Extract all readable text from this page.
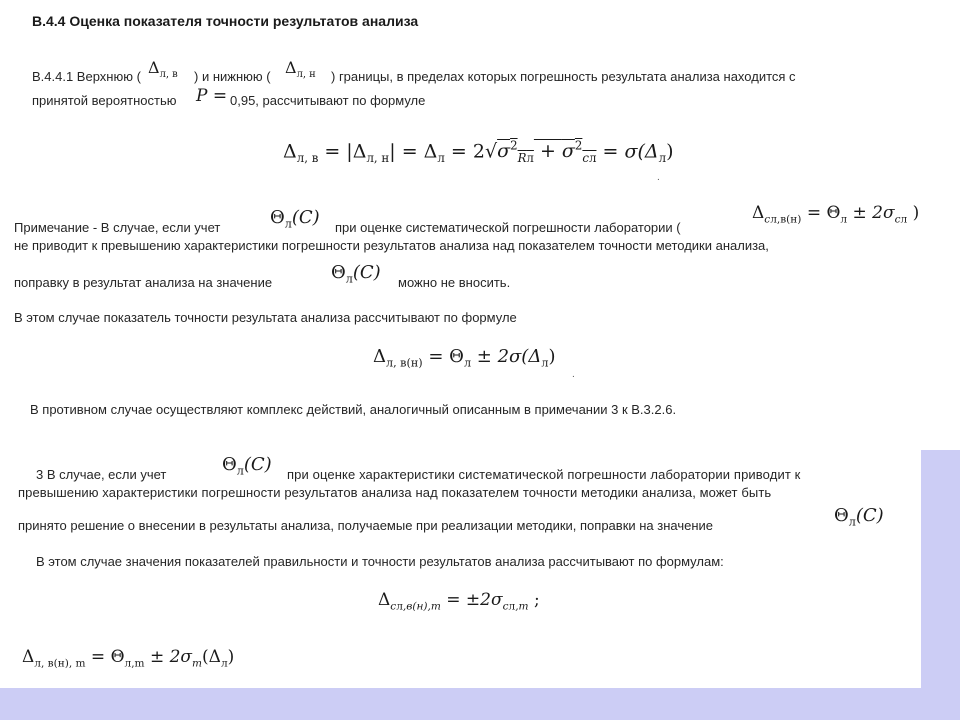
В.4.4 Оценка показателя точности результатов анализа
В.4.4.1 Верхнюю ( $\Delta_{л, в}$ ) и нижнюю ( $\Delta_{л, н}$ ) границы, в пределах которых погрешность результата анализа находится с
принятой вероятностью P = 0,95, рассчитывают по формуле
$\Delta_{л, в} = |\Delta_{л, н}| = \Delta_л = 2√\sigma^2_{Rл} + \sigma^2_{cл} = \sigma(\Delta_л)$
.
Примечание - В случае, если учет	$\Theta_л(C)$ при оценке систематической погрешности лаборатории (
$\Delta_{cл,в(н)} = \Theta_л \pm 2\sigma_{cл}$ )
не приводит к превышению характеристики погрешности результатов анализа над показателем точности методики анализа,
поправку в результат анализа на значение	$\Theta_л(C)$ можно не вносить.
В этом случае показатель точности результата анализа рассчитывают по формуле
$\Delta_{л, в(н)} = \Theta_л \pm 2\sigma(\Delta_л)$
.
В противном случае осуществляют комплекс действий, аналогичный описанным в примечании 3 к В.3.2.6.
3 В случае, если учет	$\Theta_л(C)$ при оценке характеристики систематической погрешности лаборатории приводит к
превышению характеристики погрешности результатов анализа над показателем точности методики анализа, может быть
принято решение о внесении в результаты анализа, получаемые при реализации методики, поправки на значение	$\Theta_л(C)$
В этом случае значения показателей правильности и точности результатов анализа рассчитывают по формулам:
$\Delta_{cл,в(н),m} = \pm 2\sigma_{cл,m}$ ;
$\Delta_{л, в(н), m} = \Theta_{л,m} \pm 2\sigma_m(\Delta_л)$
